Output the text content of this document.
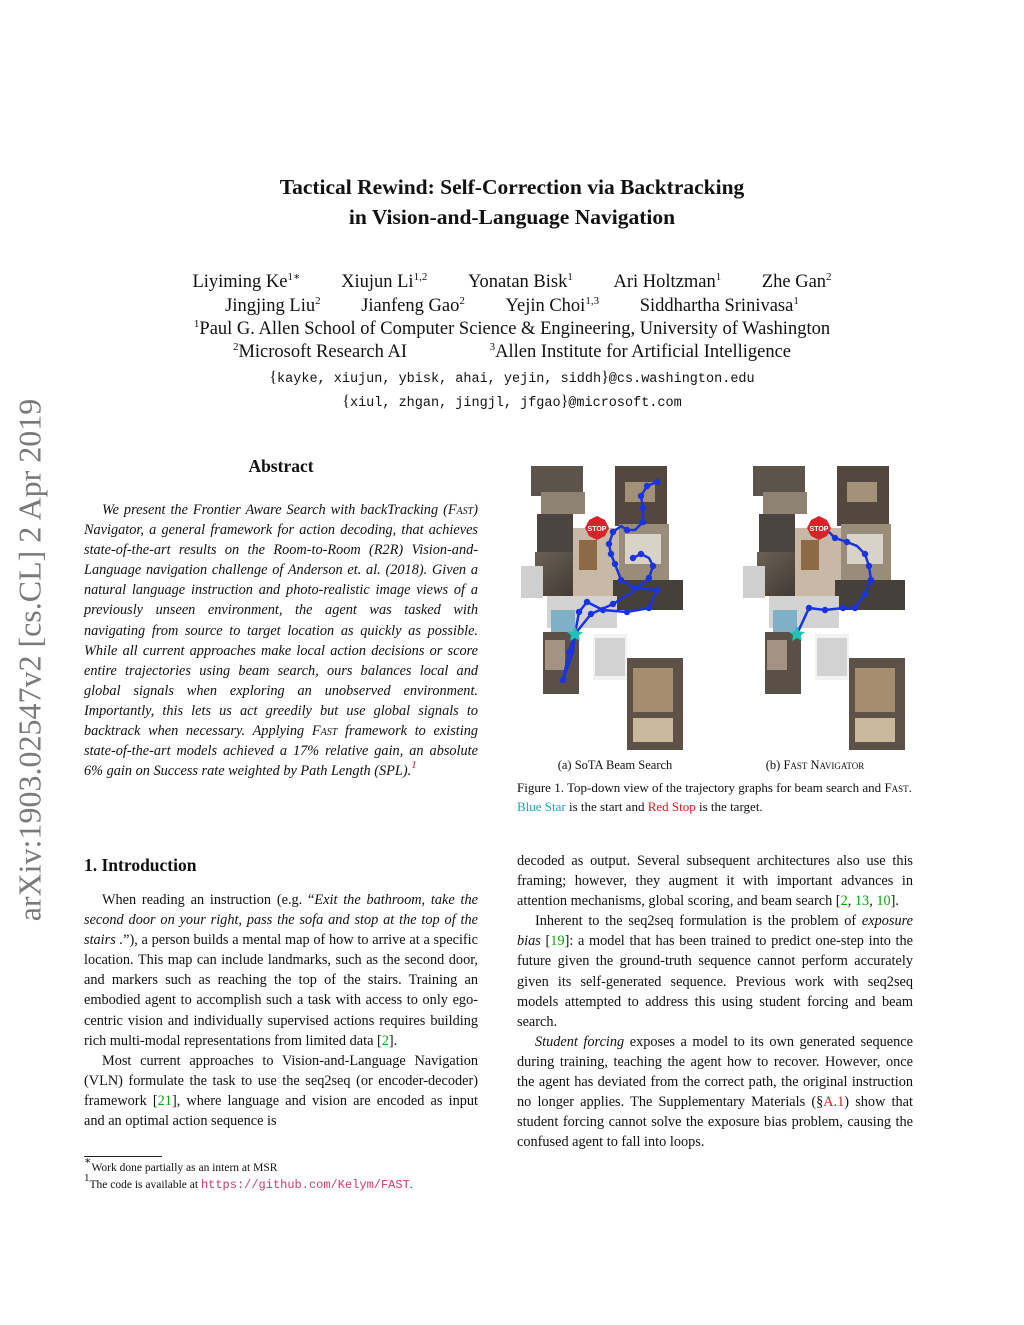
arXiv:1903.02547v2 [cs.CL] 2 Apr 2019
Tactical Rewind: Self-Correction via Backtracking
in Vision-and-Language Navigation
Liyiming $Ke^{1∗}$ Xiujun Li$^{1,2}$ Yonatan Bisk$^1$ Ari Holtzman$^1$ Zhe Gan$^2$
Jingjing Liu$^2$ Jianfeng Gao$^2$ Yejin Choi$^{1,3}$ Siddhartha Srinivasa$^1$
$^1$Paul G. Allen School of Computer Science & Engineering, University of Washington
$^2$Microsoft Research AI	$^3$Allen Institute for Artificial Intelligence
{kayke, xiujun, ybisk, ahai, yejin, siddh}@cs.washington.edu
{xiul, zhgan, jingjl, jfgao}@microsoft.com
Abstract

We present the Frontier Aware Search with backTracking (Fast) Navigator, a general framework for action decoding, that achieves state-of-the-art results on the Room-to-Room (R2R) Vision-and-Language navigation challenge of Anderson et. al. (2018). Given a natural language instruction and photo-realistic image views of a previously unseen environment, the agent was tasked with navigating from source to target location as quickly as possible. While all current approaches make local action decisions or score entire trajectories using beam search, ours balances local and global signals when exploring an unobserved environment. Importantly, this lets us act greedily but use global signals to backtrack when necessary. Applying Fast framework to existing state-of-the-art models achieved a 17% relative gain, an absolute 6% gain on Success rate weighted by Path Length (SPL).$^1$

1. Introduction

When reading an instruction (e.g. “Exit the bathroom, take the second door on your right, pass the sofa and stop at the top of the stairs .”), a person builds a mental map of how to arrive at a specific location. This map can include landmarks, such as the second door, and markers such as reaching the top of the stairs. Training an embodied agent to accomplish such a task with access to only ego-centric vision and individually supervised actions requires building rich multi-modal representations from limited data [2].

Most current approaches to Vision-and-Language Navigation (VLN) formulate the task to use the seq2seq (or encoder-decoder) framework [21], where language and vision are encoded as input and an optimal action sequence is

∗Work done partially as an intern at MSR
$^1$The code is available at https://github.com/Kelym/FAST.
STOP	STOP
(a) SoTA Beam Search	(b) Fast Navigator
Figure 1. Top-down view of the trajectory graphs for beam search and Fast. Blue Star is the start and Red Stop is the target.

decoded as output. Several subsequent architectures also use this framing; however, they augment it with important advances in attention mechanisms, global scoring, and beam search [2, 13, 10].

Inherent to the seq2seq formulation is the problem of exposure bias [19]: a model that has been trained to predict one-step into the future given the ground-truth sequence cannot perform accurately given its self-generated sequence. Previous work with seq2seq models attempted to address this using student forcing and beam search.

Student forcing exposes a model to its own generated sequence during training, teaching the agent how to recover. However, once the agent has deviated from the correct path, the original instruction no longer applies. The Supplementary Materials (§A.1) show that student forcing cannot solve the exposure bias problem, causing the confused agent to fall into loops.
